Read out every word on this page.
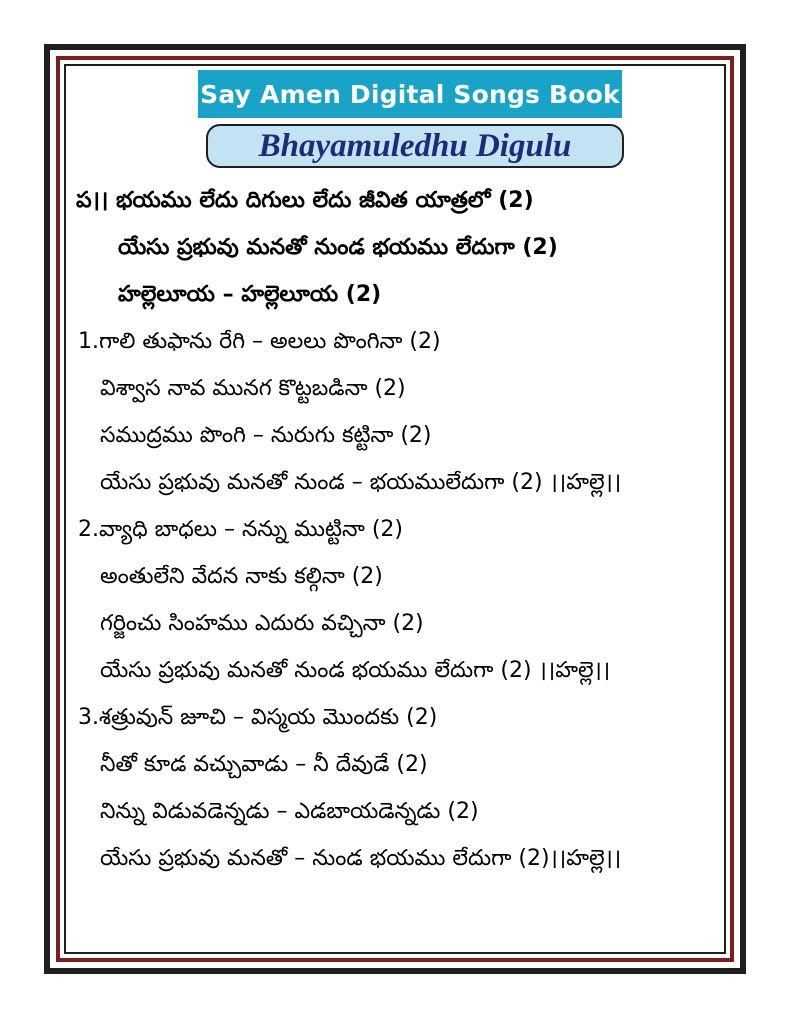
Say Amen Digital Songs Book
Bhayamuledhu Digulu
ప।। భయము లేదు దిగులు లేదు జీవిత యాత్రలో (2)
యేసు ప్రభువు మనతో నుండ భయము లేదుగా (2)
హల్లెలూయ – హల్లెలూయ (2)
1.గాలి తుఫాను రేగి – అలలు పొంగినా (2)
విశ్వాస నావ మునగ కొట్టబడినా (2)
సముద్రము పొంగి – నురుగు కట్టినా (2)
యేసు ప్రభువు మనతో నుండ – భయములేదుగా (2) ।।హల్లె।।
2.వ్యాధి బాధలు – నన్ను ముట్టినా (2)
అంతులేని వేదన నాకు కల్గినా (2)
గర్జించు సింహము ఎదురు వచ్చినా (2)
యేసు ప్రభువు మనతో నుండ భయము లేదుగా (2) ।।హల్లె।।
3.శత్రువున్ జూచి – విస్మయ మొందకు (2)
నీతో కూడ వచ్చువాడు – నీ దేవుడే (2)
నిన్ను విడువడెన్నడు – ఎడబాయడెన్నడు (2)
యేసు ప్రభువు మనతో – నుండ భయము లేదుగా (2)।।హల్లె।।
